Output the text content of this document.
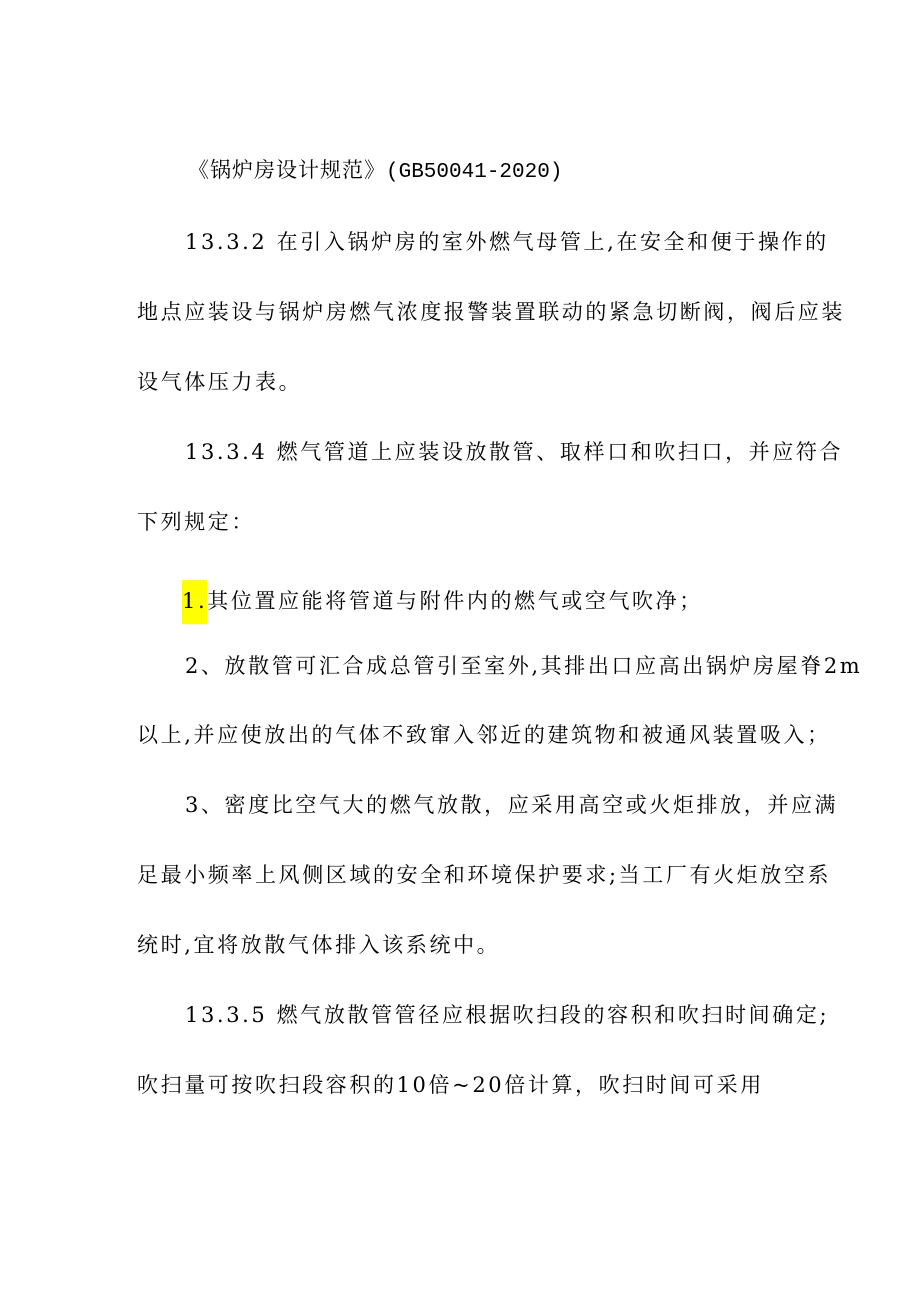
《锅炉房设计规范》(GB50041-2020)
13.3.2 在引入锅炉房的室外燃气母管上,在安全和便于操作的
地点应装设与锅炉房燃气浓度报警装置联动的紧急切断阀，阀后应装
设气体压力表。
13.3.4 燃气管道上应装设放散管、取样口和吹扫口，并应符合
下列规定：
1.其位置应能将管道与附件内的燃气或空气吹净；
2、放散管可汇合成总管引至室外,其排出口应高出锅炉房屋脊2m
以上,并应使放出的气体不致窜入邻近的建筑物和被通风装置吸入；
3、密度比空气大的燃气放散，应采用高空或火炬排放，并应满
足最小频率上风侧区域的安全和环境保护要求;当工厂有火炬放空系
统时,宜将放散气体排入该系统中。
13.3.5 燃气放散管管径应根据吹扫段的容积和吹扫时间确定;
吹扫量可按吹扫段容积的10倍~20倍计算，吹扫时间可采用
